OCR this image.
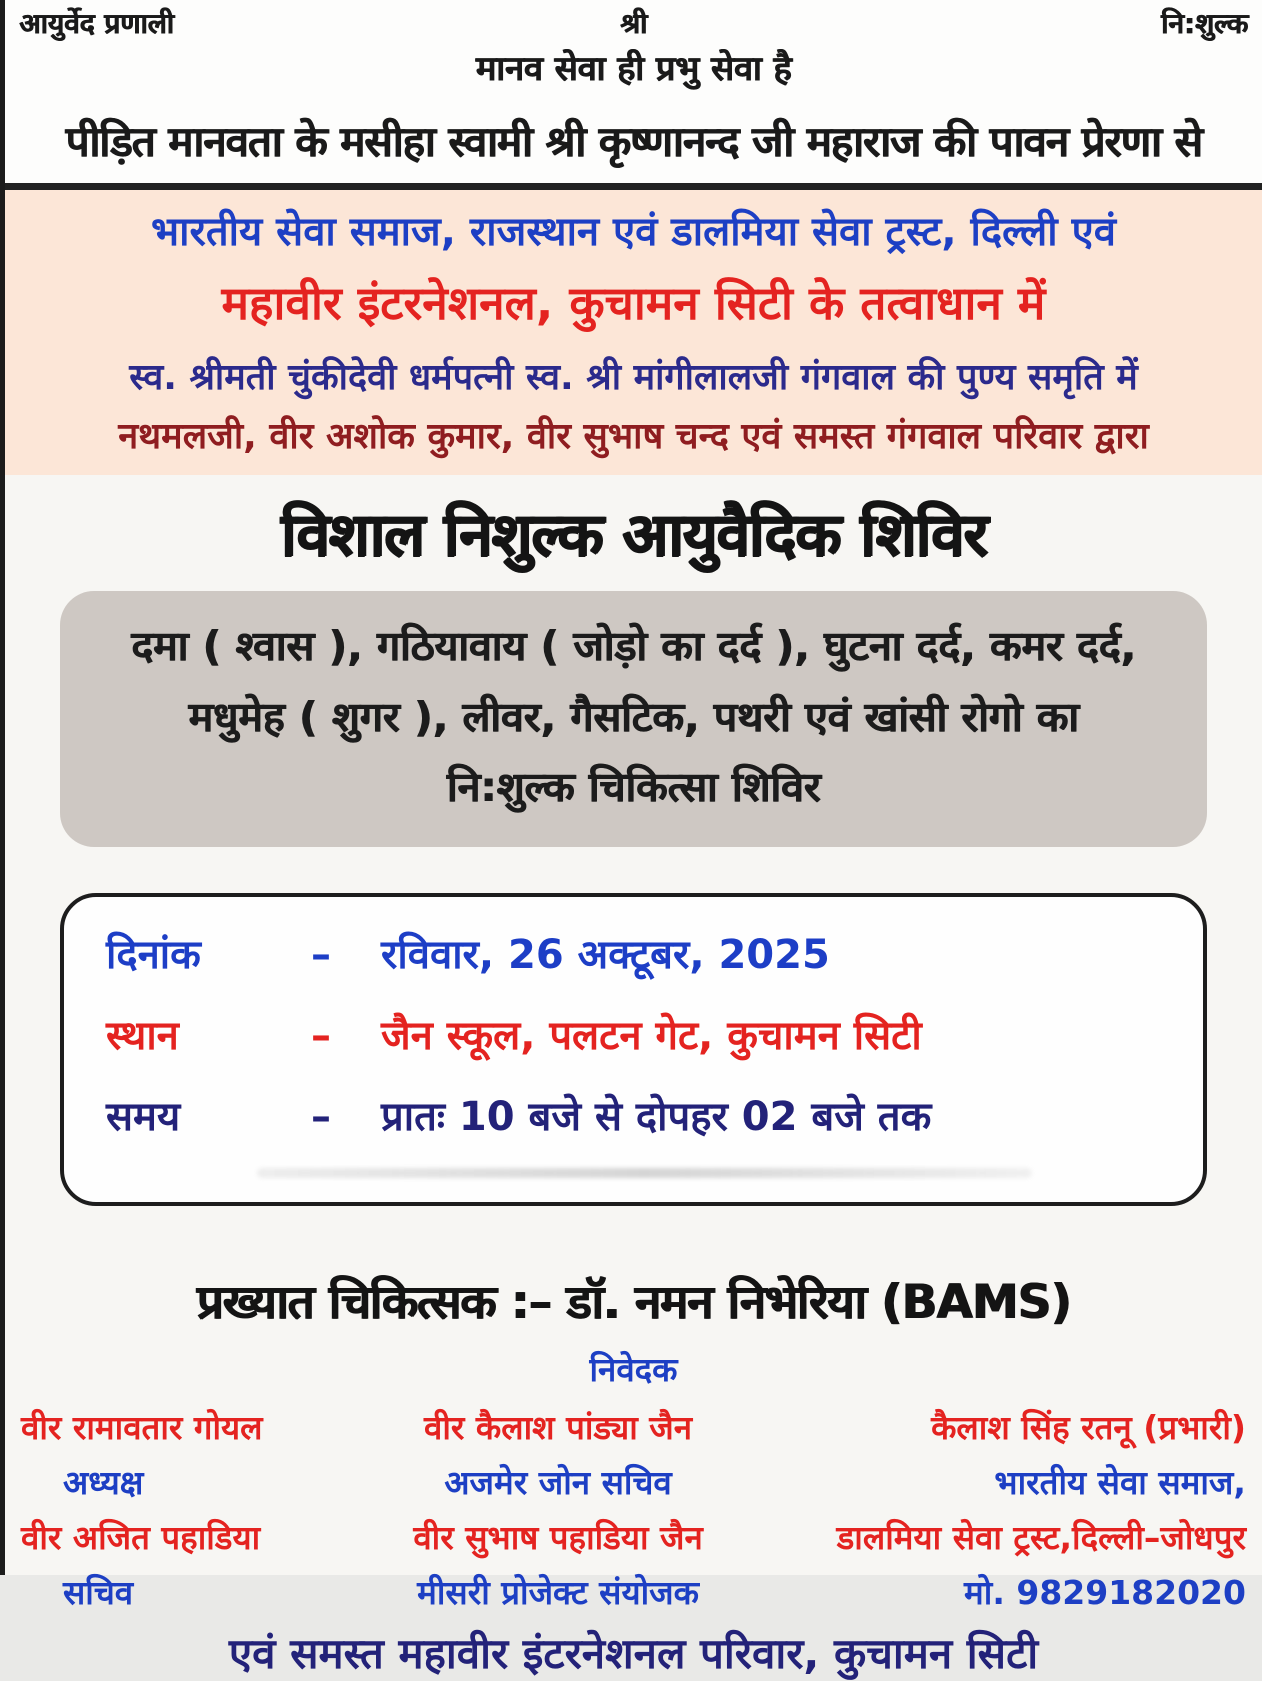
आयुर्वेद प्रणाली	श्री	नि:शुल्क
मानव सेवा ही प्रभु सेवा है
पीड़ित मानवता के मसीहा स्वामी श्री कृष्णानन्द जी महाराज की पावन प्रेरणा से
भारतीय सेवा समाज, राजस्थान एवं डालमिया सेवा ट्रस्ट, दिल्ली एवं
महावीर इंटरनेशनल, कुचामन सिटी के तत्वाधान में
स्व. श्रीमती चुंकीदेवी धर्मपत्नी स्व. श्री मांगीलालजी गंगवाल की पुण्य समृति में
नथमलजी, वीर अशोक कुमार, वीर सुभाष चन्द एवं समस्त गंगवाल परिवार द्वारा
विशाल निशुल्क आयुवैदिक शिविर
दमा ( श्वास ), गठियावाय ( जोड़ो का दर्द ), घुटना दर्द, कमर दर्द,
मधुमेह ( शुगर ), लीवर, गैसटिक, पथरी एवं खांसी रोगो का
नि:शुल्क चिकित्सा शिविर
दिनांक	–	रविवार, 26 अक्टूबर, 2025
स्थान	–	जैन स्कूल, पलटन गेट, कुचामन सिटी
समय	–	प्रातः 10 बजे से दोपहर 02 बजे तक
प्रख्यात चिकित्सक :– डॉ. नमन निभेरिया (BAMS)
निवेदक
वीर रामावतार गोयल	वीर कैलाश पांड्या जैन	कैलाश सिंह रतनू (प्रभारी)
अध्यक्ष	अजमेर जोन सचिव	भारतीय सेवा समाज,
वीर अजित पहाडिया	वीर सुभाष पहाडिया जैन	डालमिया सेवा ट्रस्ट,दिल्ली–जोधपुर
सचिव	मीसरी प्रोजेक्ट संयोजक	मो. 9829182020
एवं समस्त महावीर इंटरनेशनल परिवार, कुचामन सिटी
